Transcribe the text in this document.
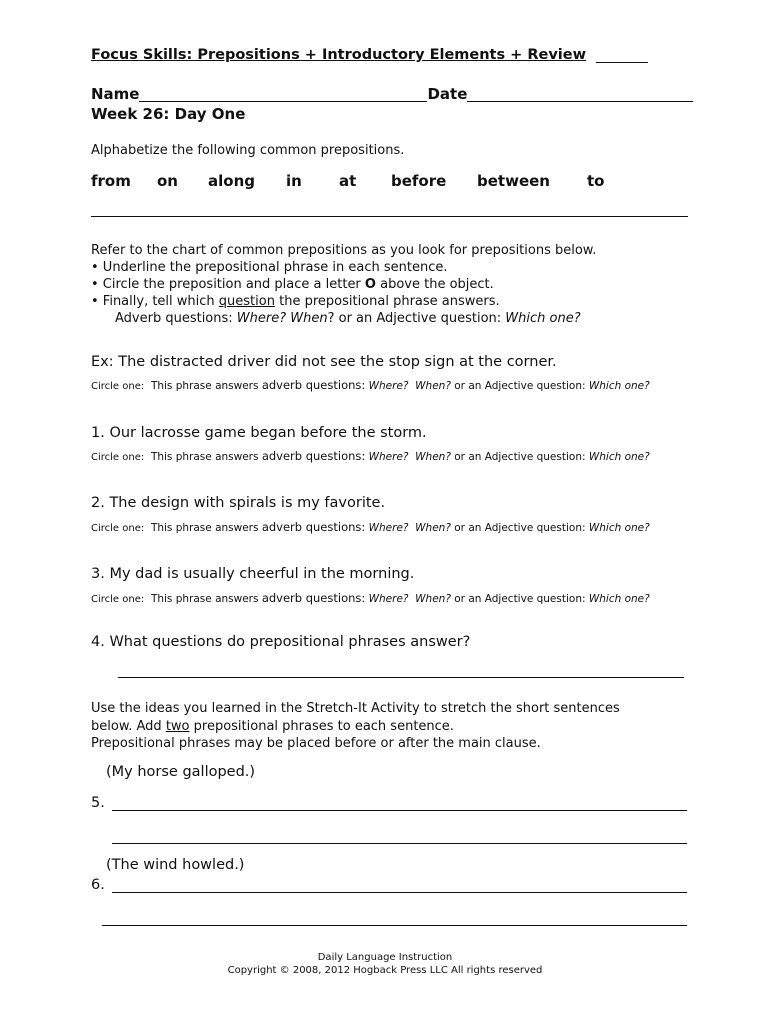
Focus Skills: Prepositions + Introductory Elements + Review
Name	Date
Week 26: Day One
Alphabetize the following common prepositions.
from on along in at before between to
Refer to the chart of common prepositions as you look for prepositions below.
• Underline the prepositional phrase in each sentence.
• Circle the preposition and place a letter O above the object.
• Finally, tell which question the prepositional phrase answers.
Adverb questions: Where? When? or an Adjective question: Which one?
Ex: The distracted driver did not see the stop sign at the corner.
Circle one: This phrase answers adverb questions: Where? When? or an Adjective question: Which one?
1. Our lacrosse game began before the storm.
Circle one: This phrase answers adverb questions: Where? When? or an Adjective question: Which one?
2. The design with spirals is my favorite.
Circle one: This phrase answers adverb questions: Where? When? or an Adjective question: Which one?
3. My dad is usually cheerful in the morning.
Circle one: This phrase answers adverb questions: Where? When? or an Adjective question: Which one?
4. What questions do prepositional phrases answer?
Use the ideas you learned in the Stretch-It Activity to stretch the short sentences
below. Add two prepositional phrases to each sentence.
Prepositional phrases may be placed before or after the main clause.
(My horse galloped.)
5.
(The wind howled.)
6.
Daily Language Instruction
Copyright © 2008, 2012 Hogback Press LLC All rights reserved
